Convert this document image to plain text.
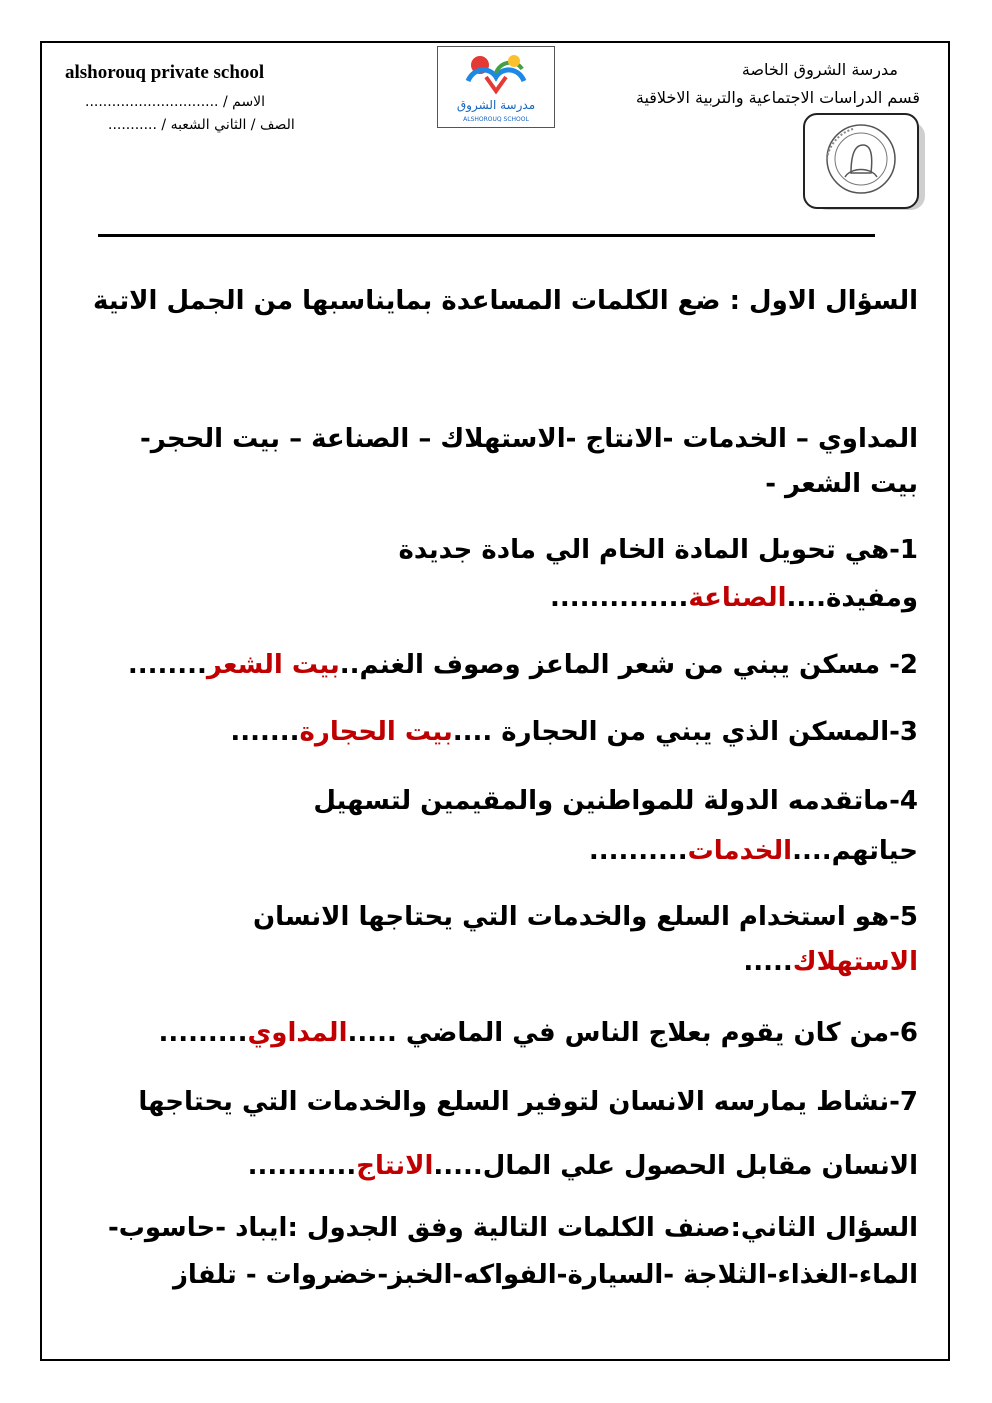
alshorouq private school
الاسم / ..............................
الصف / الثاني الشعبه / ...........
مدرسة الشروق الخاصة
قسم الدراسات الاجتماعية والتربية الاخلاقية
مدرسة الشروق
ALSHOROUQ SCHOOL
السؤال الاول : ضع الكلمات المساعدة بمايناسبها من الجمل الاتية
المداوي – الخدمات -الانتاج -الاستهلاك – الصناعة – بيت الحجر-
بيت الشعر -
1-هي تحويل المادة الخام الي مادة جديدة
ومفيدة....الصناعة..............
2- مسكن يبني من شعر الماعز وصوف الغنم..بيت الشعر........
3-المسكن الذي يبني من الحجارة ....بيت الحجارة.......
4-ماتقدمه الدولة للمواطنين والمقيمين لتسهيل
حياتهم....الخدمات..........
5-هو استخدام السلع والخدمات التي يحتاجها الانسان
الاستهلاك.....
6-من كان يقوم بعلاج الناس في الماضي .....المداوي.........
7-نشاط يمارسه الانسان لتوفير السلع والخدمات التي يحتاجها
الانسان مقابل الحصول علي المال.....الانتاج...........
السؤال الثاني:صنف الكلمات التالية وفق الجدول :ايباد -حاسوب-
الماء-الغذاء-الثلاجة -السيارة-الفواكه-الخبز-خضروات - تلفاز
